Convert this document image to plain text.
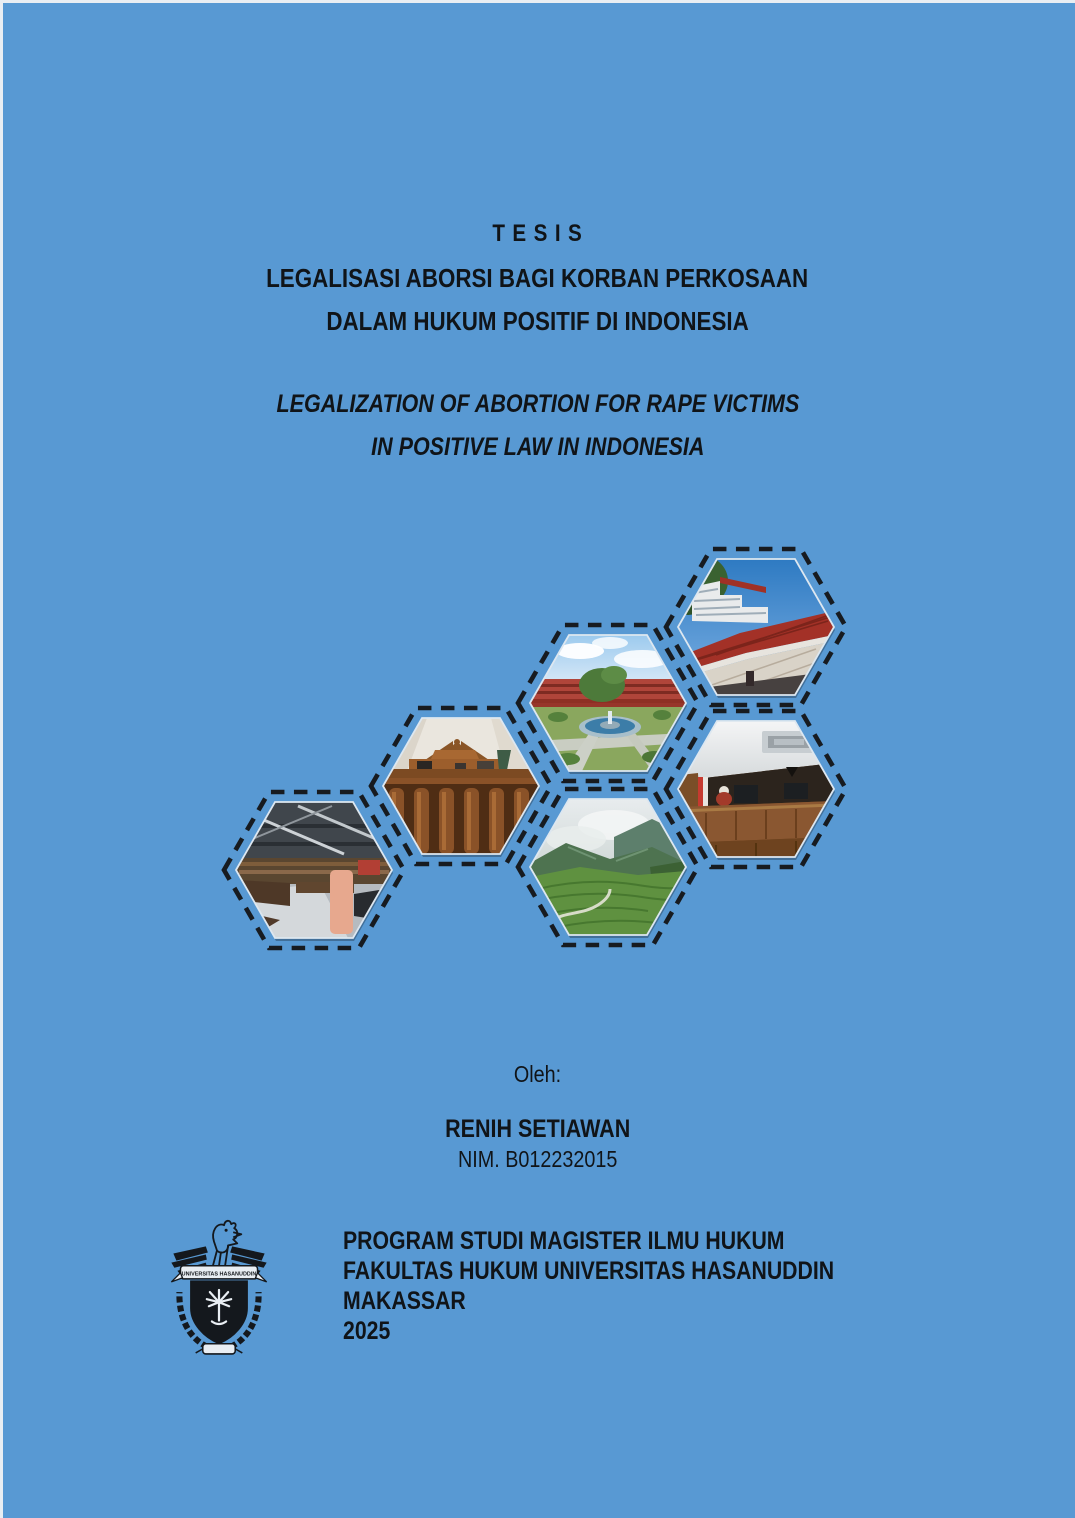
T E S I S
LEGALISASI ABORSI BAGI KORBAN PERKOSAAN
DALAM HUKUM POSITIF DI INDONESIA
LEGALIZATION OF ABORTION FOR RAPE VICTIMS
IN POSITIVE LAW IN INDONESIA
Oleh:
RENIH SETIAWAN
NIM. B012232015
UNIVERSITAS HASANUDDIN
PROGRAM STUDI MAGISTER ILMU HUKUM
FAKULTAS HUKUM UNIVERSITAS HASANUDDIN
MAKASSAR
2025
